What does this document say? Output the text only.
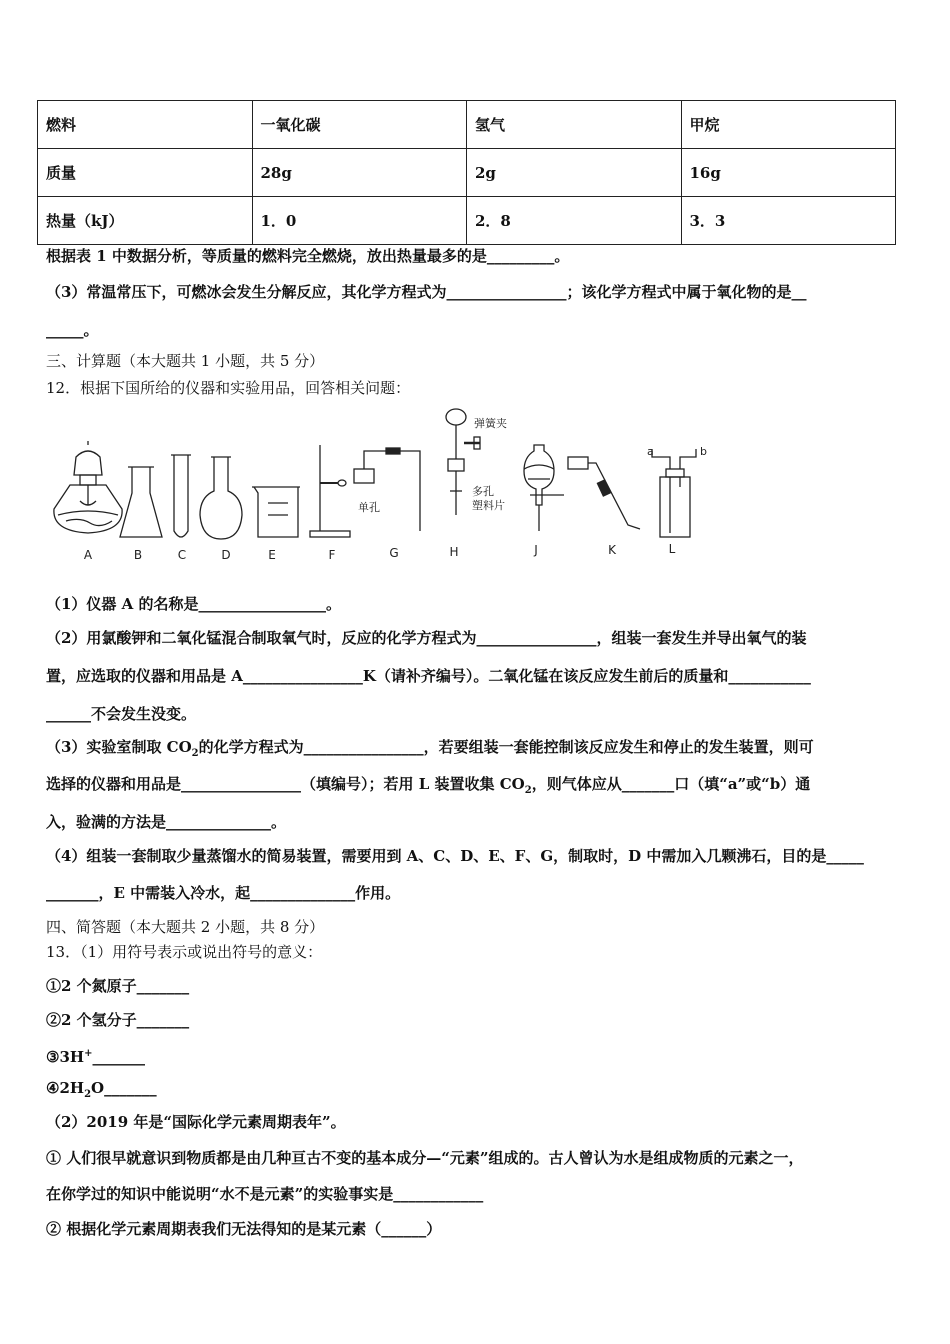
燃料	一氧化碳	氢气	甲烷
质量	28g	2g	16g
热量（kJ）	1．0	2．8	3．3
根据表 1 中数据分析，等质量的燃料完全燃烧，放出热量最多的是_________。
（3）常温常压下，可燃冰会发生分解反应，其化学方程式为________________；该化学方程式中属于氧化物的是__
_____。
三、计算题（本大题共 1 小题，共 5 分）
12．根据下国所给的仪器和实验用品，回答相关问题：
弹簧夹
单孔
多孔
塑料片
a	b
A	B	C	D	E	F	G	H	J	K	L
（1）仪器 A 的名称是_________________。
（2）用氯酸钾和二氧化锰混合制取氧气时，反应的化学方程式为________________，组装一套发生并导出氧气的装
置，应选取的仪器和用品是 A________________K（请补齐编号）。二氧化锰在该反应发生前后的质量和___________
______不会发生没变。
（3）实验室制取 $CO_2$的化学方程式为________________，若要组装一套能控制该反应发生和停止的发生装置，则可
选择的仪器和用品是________________（填编号）；若用 L 装置收集 $CO_2$，则气体应从_______口（填“a”或“b）通
入，验满的方法是______________。
（4）组装一套制取少量蒸馏水的简易装置，需要用到 A、C、D、E、F、G，制取时，D 中需加入几颗沸石，目的是_____
_______，E 中需装入冷水，起______________作用。
四、简答题（本大题共 2 小题，共 8 分）
13．（1）用符号表示或说出符号的意义：
①2 个氮原子_______
②2 个氢分子_______
③3H+_______
$④2H_2O\_\_\_\_\_\_\_$
（2）2019 年是“国际化学元素周期表年”。
① 人们很早就意识到物质都是由几种亘古不变的基本成分—“元素”组成的。古人曾认为水是组成物质的元素之一，
在你学过的知识中能说明“水不是元素”的实验事实是____________
② 根据化学元素周期表我们无法得知的是某元素（______）
